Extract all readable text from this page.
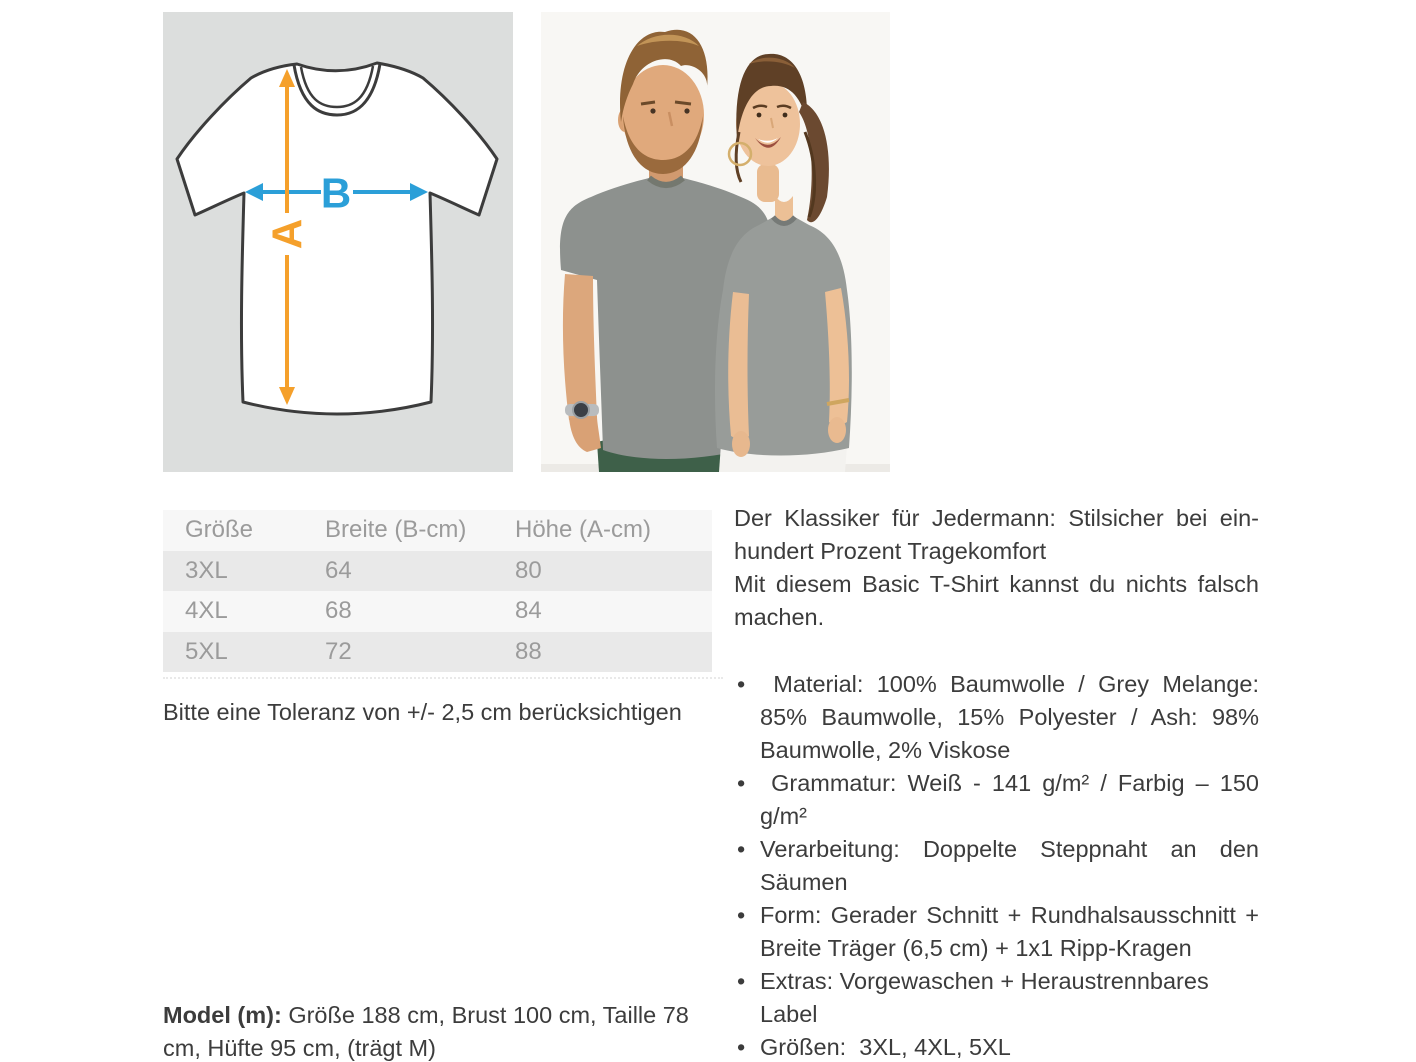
B
A
Größe	Breite (B-cm)	Höhe (A-cm)
3XL	64	80
4XL	68	84
5XL	72	88
Bitte eine Toleranz von +/- 2,5 cm berücksichtigen
Model (m): Größe 188 cm, Brust 100 cm, Taille 78
cm, Hüfte 95 cm, (trägt M)
Der Klassiker für Jedermann: Stilsicher bei ein-
hundert Prozent Tragekomfort
Mit diesem Basic T-Shirt kannst du nichts falsch
machen.
• Material: 100% Baumwolle / Grey Melange:
85% Baumwolle, 15% Polyester / Ash: 98%
Baumwolle, 2% Viskose
• Grammatur: Weiß - 141 g/m² / Farbig – 150
g/m²
• Verarbeitung: Doppelte Steppnaht an den
Säumen
• Form: Gerader Schnitt + Rundhalsausschnitt +
Breite Träger (6,5 cm) + 1x1 Ripp-Kragen
• Extras: Vorgewaschen + Heraustrennbares
Label
• Größen:  3XL, 4XL, 5XL
